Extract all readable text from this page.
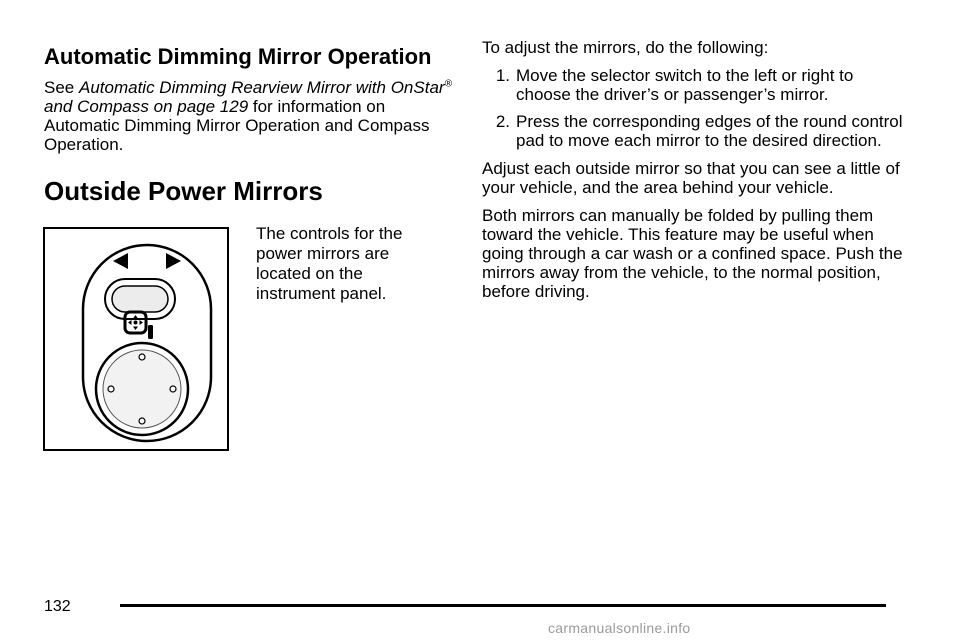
Automatic Dimming Mirror Operation

See Automatic Dimming Rearview Mirror with OnStar® and Compass on page 129 for information on Automatic Dimming Mirror Operation and Compass Operation.

Outside Power Mirrors

The controls for the power mirrors are located on the instrument panel.

To adjust the mirrors, do the following:

1. Move the selector switch to the left or right to choose the driver’s or passenger’s mirror.
2. Press the corresponding edges of the round control pad to move each mirror to the desired direction.

Adjust each outside mirror so that you can see a little of your vehicle, and the area behind your vehicle.

Both mirrors can manually be folded by pulling them toward the vehicle. This feature may be useful when going through a car wash or a confined space. Push the mirrors away from the vehicle, to the normal position, before driving.

132
carmanualsonline.info
